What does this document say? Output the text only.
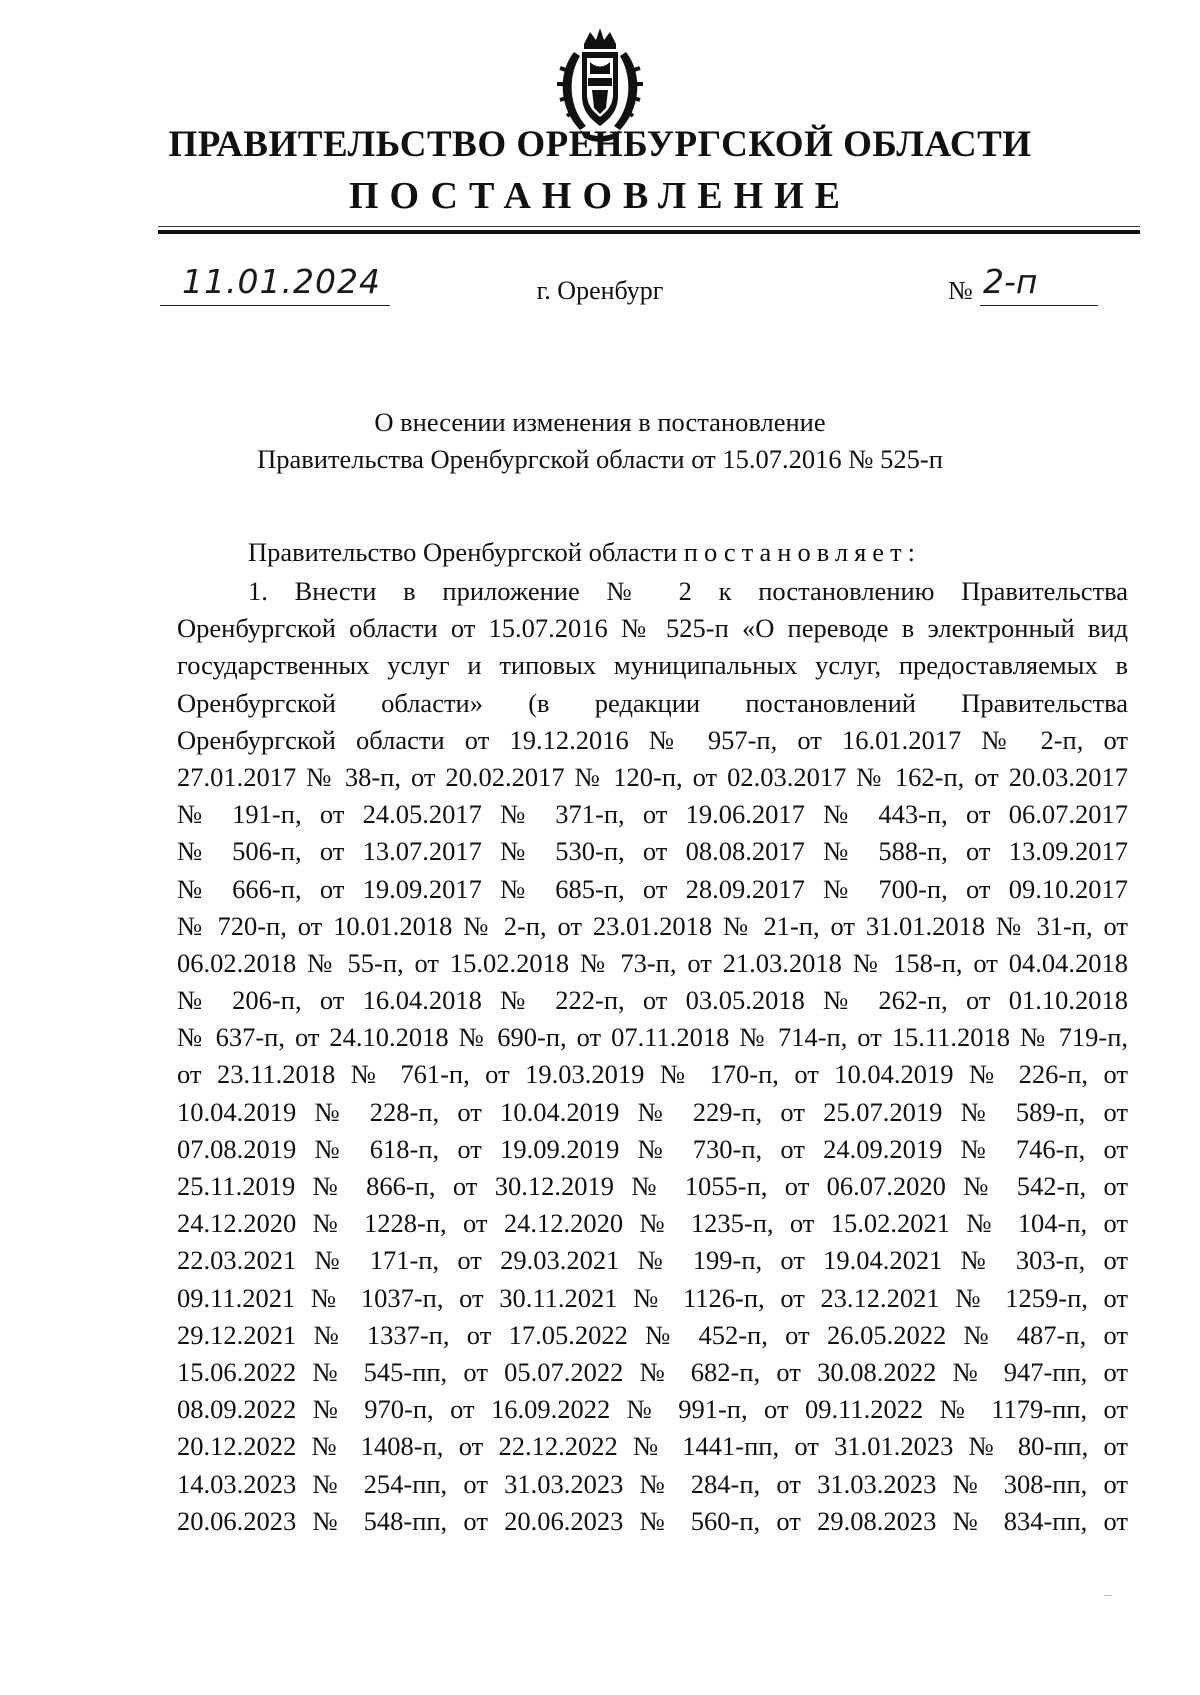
ПРАВИТЕЛЬСТВО ОРЕНБУРГСКОЙ ОБЛАСТИ
ПОСТАНОВЛЕНИЕ
11.01.2024	г. Оренбург	№ 2-п
О внесении изменения в постановление
Правительства Оренбургской области от 15.07.2016 № 525-п
Правительство Оренбургской области постановляет:
1. Внести в приложение № 2 к постановлению Правительства
Оренбургской области от 15.07.2016 № 525-п «О переводе в электронный вид
государственных услуг и типовых муниципальных услуг, предоставляемых в
Оренбургской области» (в редакции постановлений Правительства
Оренбургской области от 19.12.2016 № 957-п, от 16.01.2017 № 2-п, от
27.01.2017 № 38-п, от 20.02.2017 № 120-п, от 02.03.2017 № 162-п, от 20.03.2017
№ 191-п, от 24.05.2017 № 371-п, от 19.06.2017 № 443-п, от 06.07.2017
№ 506-п, от 13.07.2017 № 530-п, от 08.08.2017 № 588-п, от 13.09.2017
№ 666-п, от 19.09.2017 № 685-п, от 28.09.2017 № 700-п, от 09.10.2017
№ 720-п, от 10.01.2018 № 2-п, от 23.01.2018 № 21-п, от 31.01.2018 № 31-п, от
06.02.2018 № 55-п, от 15.02.2018 № 73-п, от 21.03.2018 № 158-п, от 04.04.2018
№ 206-п, от 16.04.2018 № 222-п, от 03.05.2018 № 262-п, от 01.10.2018
№ 637-п, от 24.10.2018 № 690-п, от 07.11.2018 № 714-п, от 15.11.2018 № 719-п,
от 23.11.2018 № 761-п, от 19.03.2019 № 170-п, от 10.04.2019 № 226-п, от
10.04.2019 № 228-п, от 10.04.2019 № 229-п, от 25.07.2019 № 589-п, от
07.08.2019 № 618-п, от 19.09.2019 № 730-п, от 24.09.2019 № 746-п, от
25.11.2019 № 866-п, от 30.12.2019 № 1055-п, от 06.07.2020 № 542-п, от
24.12.2020 № 1228-п, от 24.12.2020 № 1235-п, от 15.02.2021 № 104-п, от
22.03.2021 № 171-п, от 29.03.2021 № 199-п, от 19.04.2021 № 303-п, от
09.11.2021 № 1037-п, от 30.11.2021 № 1126-п, от 23.12.2021 № 1259-п, от
29.12.2021 № 1337-п, от 17.05.2022 № 452-п, от 26.05.2022 № 487-п, от
15.06.2022 № 545-пп, от 05.07.2022 № 682-п, от 30.08.2022 № 947-пп, от
08.09.2022 № 970-п, от 16.09.2022 № 991-п, от 09.11.2022 № 1179-пп, от
20.12.2022 № 1408-п, от 22.12.2022 № 1441-пп, от 31.01.2023 № 80-пп, от
14.03.2023 № 254-пп, от 31.03.2023 № 284-п, от 31.03.2023 № 308-пп, от
20.06.2023 № 548-пп, от 20.06.2023 № 560-п, от 29.08.2023 № 834-пп, от
